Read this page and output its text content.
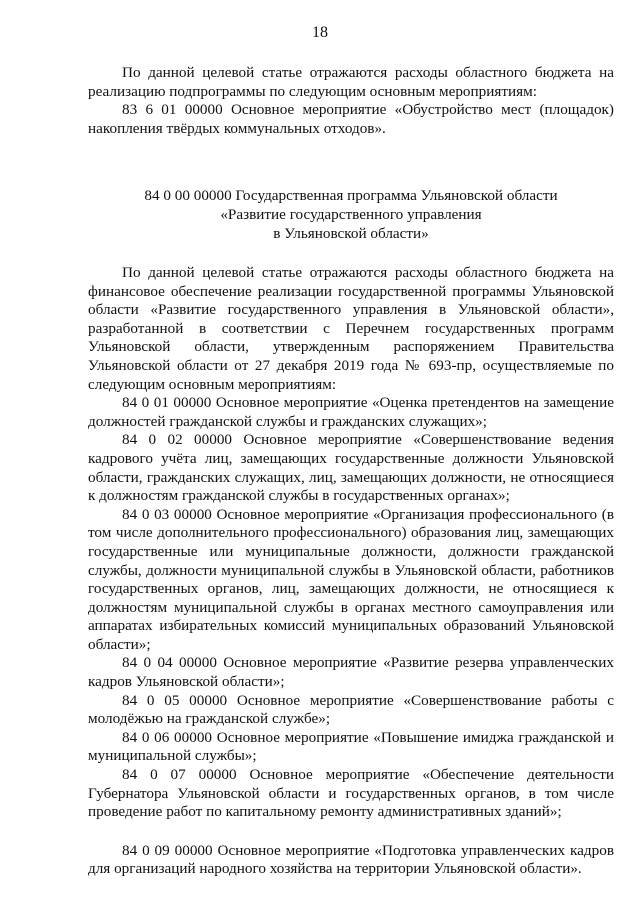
18

По данной целевой статье отражаются расходы областного бюджета на реализацию подпрограммы по следующим основным мероприятиям:

83 6 01 00000 Основное мероприятие «Обустройство мест (площадок) накопления твёрдых коммунальных отходов».

84 0 00 00000 Государственная программа Ульяновской области

«Развитие государственного управления

в Ульяновской области»

По данной целевой статье отражаются расходы областного бюджета на финансовое обеспечение реализации государственной программы Ульяновской области «Развитие государственного управления в Ульяновской области», разработанной в соответствии с Перечнем государственных программ Ульяновской области, утвержденным распоряжением Правительства Ульяновской области от 27 декабря 2019 года № 693-пр, осуществляемые по следующим основным мероприятиям:

84 0 01 00000 Основное мероприятие «Оценка претендентов на замещение должностей гражданской службы и гражданских служащих»;

84 0 02 00000 Основное мероприятие «Совершенствование ведения кадрового учёта лиц, замещающих государственные должности Ульяновской области, гражданских служащих, лиц, замещающих должности, не относящиеся к должностям гражданской службы в государственных органах»;

84 0 03 00000 Основное мероприятие «Организация профессионального (в том числе дополнительного профессионального) образования лиц, замещающих государственные или муниципальные должности, должности гражданской службы, должности муниципальной службы в Ульяновской области, работников государственных органов, лиц, замещающих должности, не относящиеся к должностям муниципальной службы в органах местного самоуправления или аппаратах избирательных комиссий муниципальных образований Ульяновской области»;

84 0 04 00000 Основное мероприятие «Развитие резерва управленческих кадров Ульяновской области»;

84 0 05 00000 Основное мероприятие «Совершенствование работы с молодёжью на гражданской службе»;

84 0 06 00000 Основное мероприятие «Повышение имиджа гражданской и муниципальной службы»;

84 0 07 00000 Основное мероприятие «Обеспечение деятельности Губернатора Ульяновской области и государственных органов, в том числе проведение работ по капитальному ремонту административных зданий»;

84 0 09 00000 Основное мероприятие «Подготовка управленческих кадров для организаций народного хозяйства на территории Ульяновской области».
